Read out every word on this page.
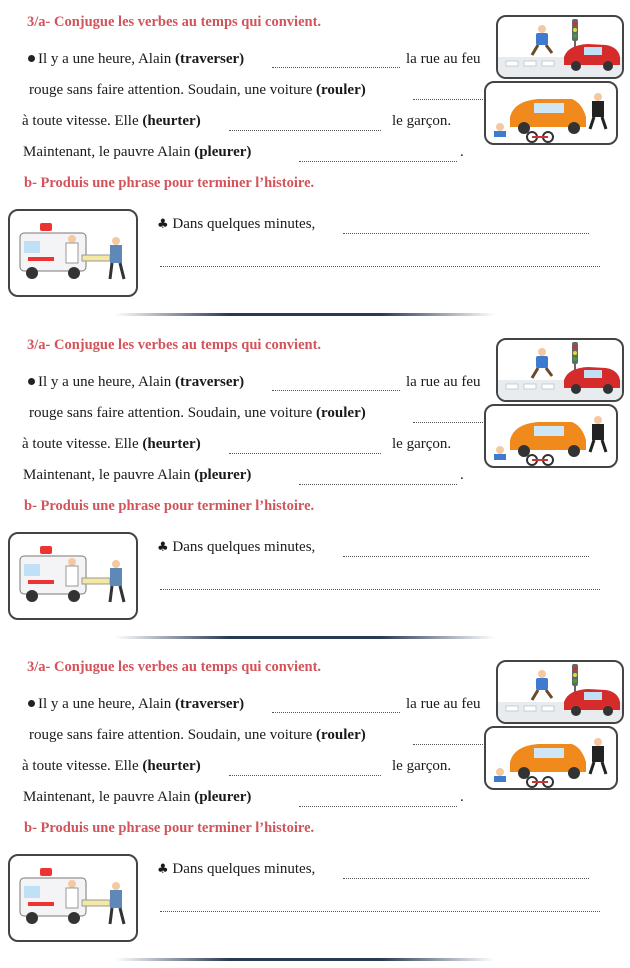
3/a- Conjugue les verbes au temps qui convient.
Il y a une heure, Alain (traverser)	la rue au feu
rouge sans faire attention. Soudain, une voiture (rouler)
à toute vitesse. Elle (heurter)	le garçon.
Maintenant, le pauvre Alain (pleurer)	.
b- Produis une phrase pour terminer l’histoire.
♣ Dans quelques minutes,
3/a- Conjugue les verbes au temps qui convient.
Il y a une heure, Alain (traverser)	la rue au feu
rouge sans faire attention. Soudain, une voiture (rouler)
à toute vitesse. Elle (heurter)	le garçon.
Maintenant, le pauvre Alain (pleurer)	.
b- Produis une phrase pour terminer l’histoire.
♣ Dans quelques minutes,
3/a- Conjugue les verbes au temps qui convient.
Il y a une heure, Alain (traverser)	la rue au feu
rouge sans faire attention. Soudain, une voiture (rouler)
à toute vitesse. Elle (heurter)	le garçon.
Maintenant, le pauvre Alain (pleurer)	.
b- Produis une phrase pour terminer l’histoire.
♣ Dans quelques minutes,
